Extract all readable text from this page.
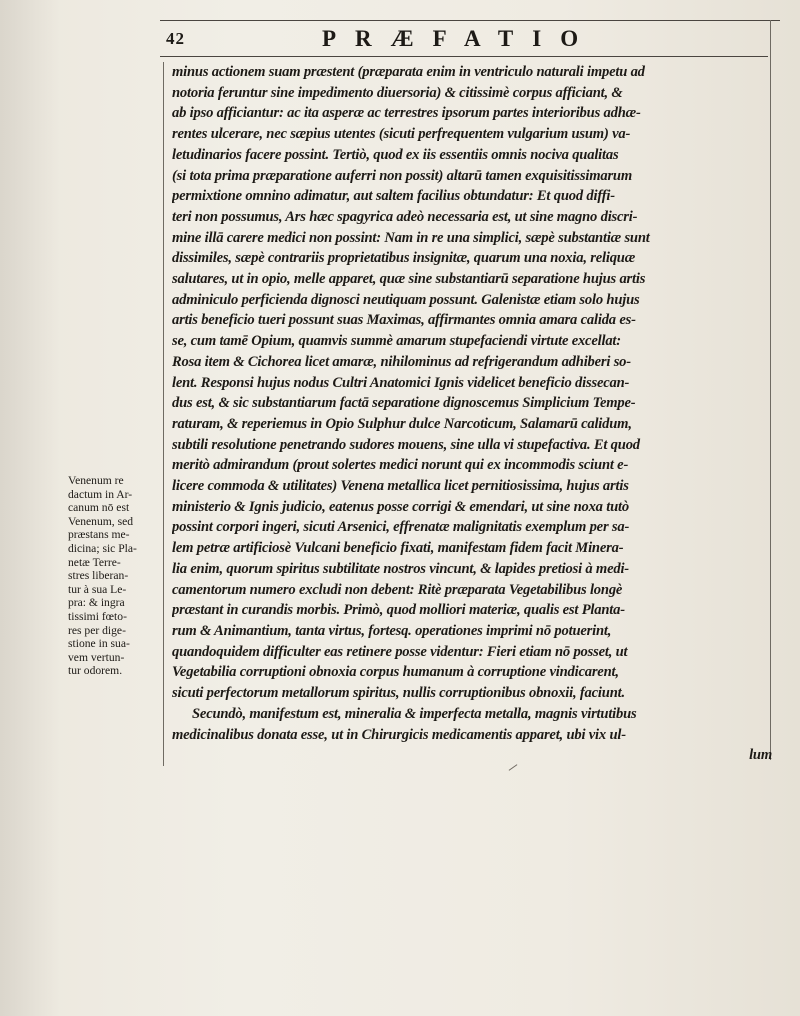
42	PRÆFATIO
minus actionem suam præstent (præparata enim in ventriculo naturali impetu ad
notoria feruntur sine impedimento diuersoria) & citissimè corpus afficiant, &
ab ipso afficiantur: ac ita asperæ ac terrestres ipsorum partes interioribus adhæ-
rentes ulcerare, nec sæpius utentes (sicuti perfrequentem vulgarium usum) va-
letudinarios facere possint. Tertiò, quod ex iis essentiis omnis nociva qualitas
(si tota prima præparatione auferri non possit) altarū tamen exquisitissimarum
permixtione omnino adimatur, aut saltem facilius obtundatur: Et quod diffi-
teri non possumus, Ars hæc spagyrica adeò necessaria est, ut sine magno discri-
mine illā carere medici non possint: Nam in re una simplici, sæpè substantiæ sunt
dissimiles, sæpè contrariis proprietatibus insignitæ, quarum una noxia, reliquæ
salutares, ut in opio, melle apparet, quæ sine substantiarū separatione hujus artis
adminiculo perficienda dignosci neutiquam possunt. Galenistæ etiam solo hujus
artis beneficio tueri possunt suas Maximas, affirmantes omnia amara calida es-
se, cum tamē Opium, quamvis summè amarum stupefaciendi virtute excellat:
Rosa item & Cichorea licet amaræ, nihilominus ad refrigerandum adhiberi so-
lent. Responsi hujus nodus Cultri Anatomici Ignis videlicet beneficio dissecan-
dus est, & sic substantiarum factā separatione dignoscemus Simplicium Tempe-
raturam, & reperiemus in Opio Sulphur dulce Narcoticum, Salamarū calidum,
subtili resolutione penetrando sudores mouens, sine ulla vi stupefactiva. Et quod
meritò admirandum (prout solertes medici norunt qui ex incommodis sciunt e-
licere commoda & utilitates) Venena metallica licet pernitiosissima, hujus artis
ministerio & Ignis judicio, eatenus posse corrigi & emendari, ut sine noxa tutò
possint corpori ingeri, sicuti Arsenici, effrenatæ malignitatis exemplum per sa-
lem petræ artificiosè Vulcani beneficio fixati, manifestam fidem facit Minera-
lia enim, quorum spiritus subtilitate nostros vincunt, & lapides pretiosi à medi-
camentorum numero excludi non debent: Ritè præparata Vegetabilibus longè
præstant in curandis morbis. Primò, quod molliori materiæ, qualis est Planta-
rum & Animantium, tanta virtus, fortesq. operationes imprimi nō potuerint,
quandoquidem difficulter eas retinere posse videntur: Fieri etiam nō posset, ut
Vegetabilia corruptioni obnoxia corpus humanum à corruptione vindicarent,
sicuti perfectorum metallorum spiritus, nullis corruptionibus obnoxii, faciunt.
Secundò, manifestum est, mineralia & imperfecta metalla, magnis virtutibus
medicinalibus donata esse, ut in Chirurgicis medicamentis apparet, ubi vix ul-
lum
Venenum re
dactum in Ar-
canum nō est
Venenum, sed
præstans me-
dicina; sic Pla-
netæ Terre-
stres liberan-
tur à sua Le-
pra: & ingra
tissimi fœto-
res per dige-
stione in sua-
vem vertun-
tur odorem.
